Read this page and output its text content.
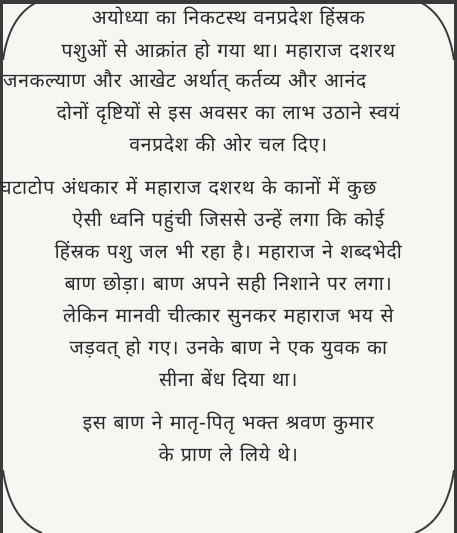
अयोध्या का निकटस्थ वनप्रदेश हिंस्रक
पशुओं से आक्रांत हो गया था। महाराज दशरथ
जनकल्याण और आखेट अर्थात् कर्तव्य और आनंद
दोनों दृष्टियों से इस अवसर का लाभ उठाने स्वयं
वनप्रदेश की ओर चल दिए।
घटाटोप अंधकार में महाराज दशरथ के कानों में कुछ
ऐसी ध्वनि पहुंची जिससे उन्हें लगा कि कोई
हिंस्रक पशु जल भी रहा है। महाराज ने शब्दभेदी
बाण छोड़ा। बाण अपने सही निशाने पर लगा।
लेकिन मानवी चीत्कार सुनकर महाराज भय से
जड़वत् हो गए। उनके बाण ने एक युवक का
सीना बेंध दिया था।
इस बाण ने मातृ-पितृ भक्त श्रवण कुमार
के प्राण ले लिये थे।
